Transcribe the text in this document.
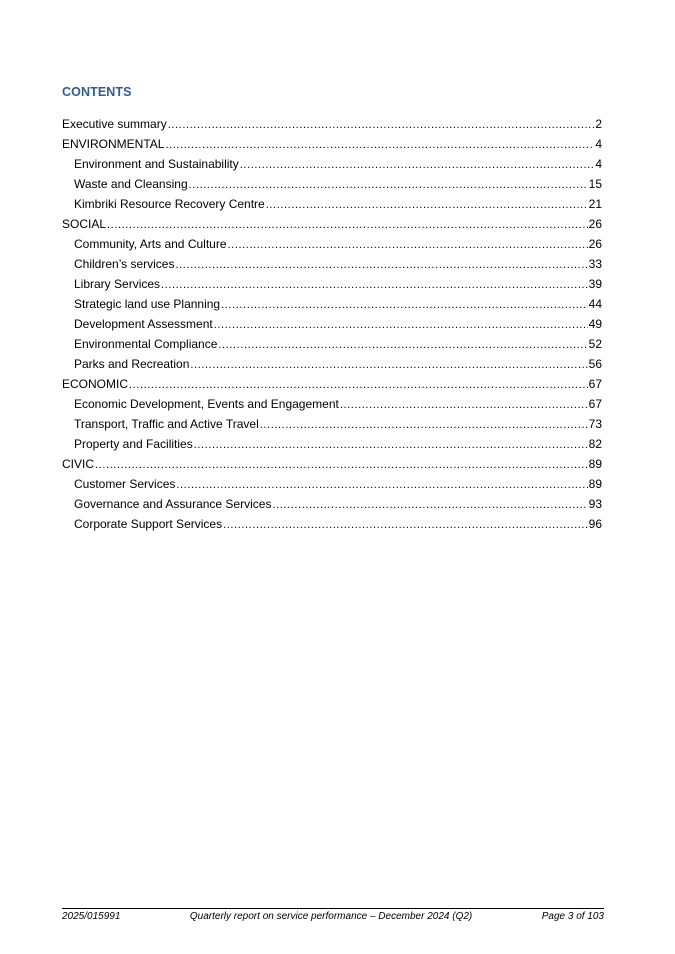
CONTENTS
Executive summary .....	2
ENVIRONMENTAL .....	4
Environment and Sustainability .....	4
Waste and Cleansing .....	15
Kimbriki Resource Recovery Centre .....	21
SOCIAL .....	26
Community, Arts and Culture .....	26
Children’s services .....	33
Library Services .....	39
Strategic land use Planning .....	44
Development Assessment .....	49
Environmental Compliance .....	52
Parks and Recreation .....	56
ECONOMIC .....	67
Economic Development, Events and Engagement .....	67
Transport, Traffic and Active Travel .....	73
Property and Facilities .....	82
CIVIC .....	89
Customer Services .....	89
Governance and Assurance Services .....	93
Corporate Support Services .....	96
2025/015991	Quarterly report on service performance – December 2024 (Q2)	Page 3 of 103
